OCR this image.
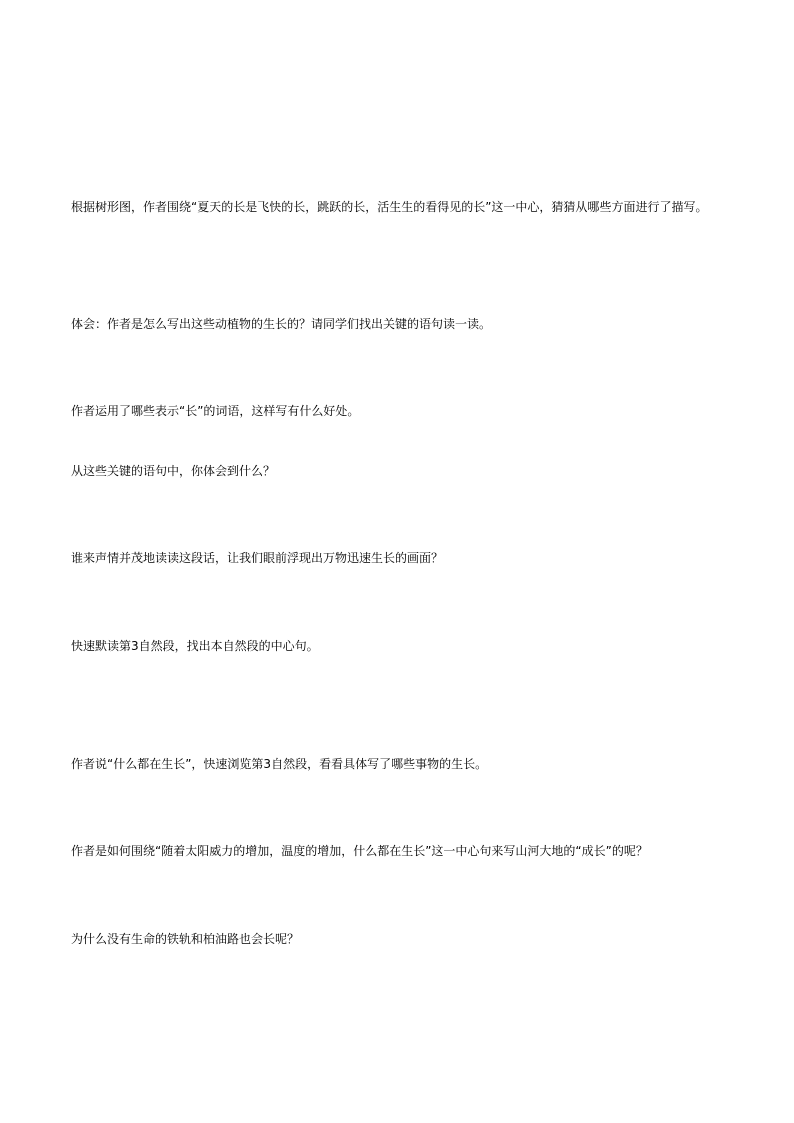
根据树形图，作者围绕“夏天的长是飞快的长，跳跃的长，活生生的看得见的长”这一中心，猜猜从哪些方面进行了描写。
体会：作者是怎么写出这些动植物的生长的？请同学们找出关键的语句读一读。
作者运用了哪些表示“长”的词语，这样写有什么好处。
从这些关键的语句中，你体会到什么？
谁来声情并茂地读读这段话，让我们眼前浮现出万物迅速生长的画面？
快速默读第3自然段，找出本自然段的中心句。
作者说“什么都在生长”，快速浏览第3自然段，看看具体写了哪些事物的生长。
作者是如何围绕“随着太阳威力的增加，温度的增加，什么都在生长”这一中心句来写山河大地的“成长”的呢？
为什么没有生命的铁轨和柏油路也会长呢？
